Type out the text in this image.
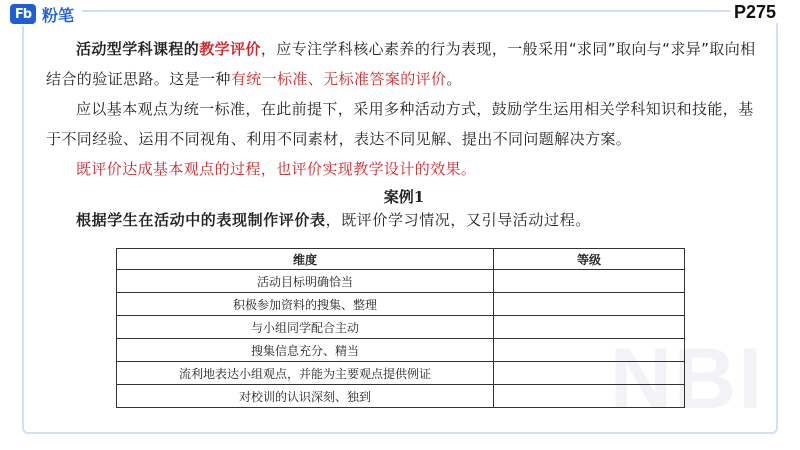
Fb 粉笔	P275
NBI

活动型学科课程的教学评价，应专注学科核心素养的行为表现，一般采用“求同”取向与“求异”取向相结合的验证思路。这是一种有统一标准、无标准答案的评价。

应以基本观点为统一标准，在此前提下，采用多种活动方式，鼓励学生运用相关学科知识和技能，基于不同经验、运用不同视角、利用不同素材，表达不同见解、提出不同问题解决方案。

既评价达成基本观点的过程，也评价实现教学设计的效果。

案例1
根据学生在活动中的表现制作评价表，既评价学习情况，又引导活动过程。
维度	等级
活动目标明确恰当	
积极参加资料的搜集、整理	
与小组同学配合主动	
搜集信息充分、精当	
流利地表达小组观点，并能为主要观点提供例证	
对校训的认识深刻、独到	
